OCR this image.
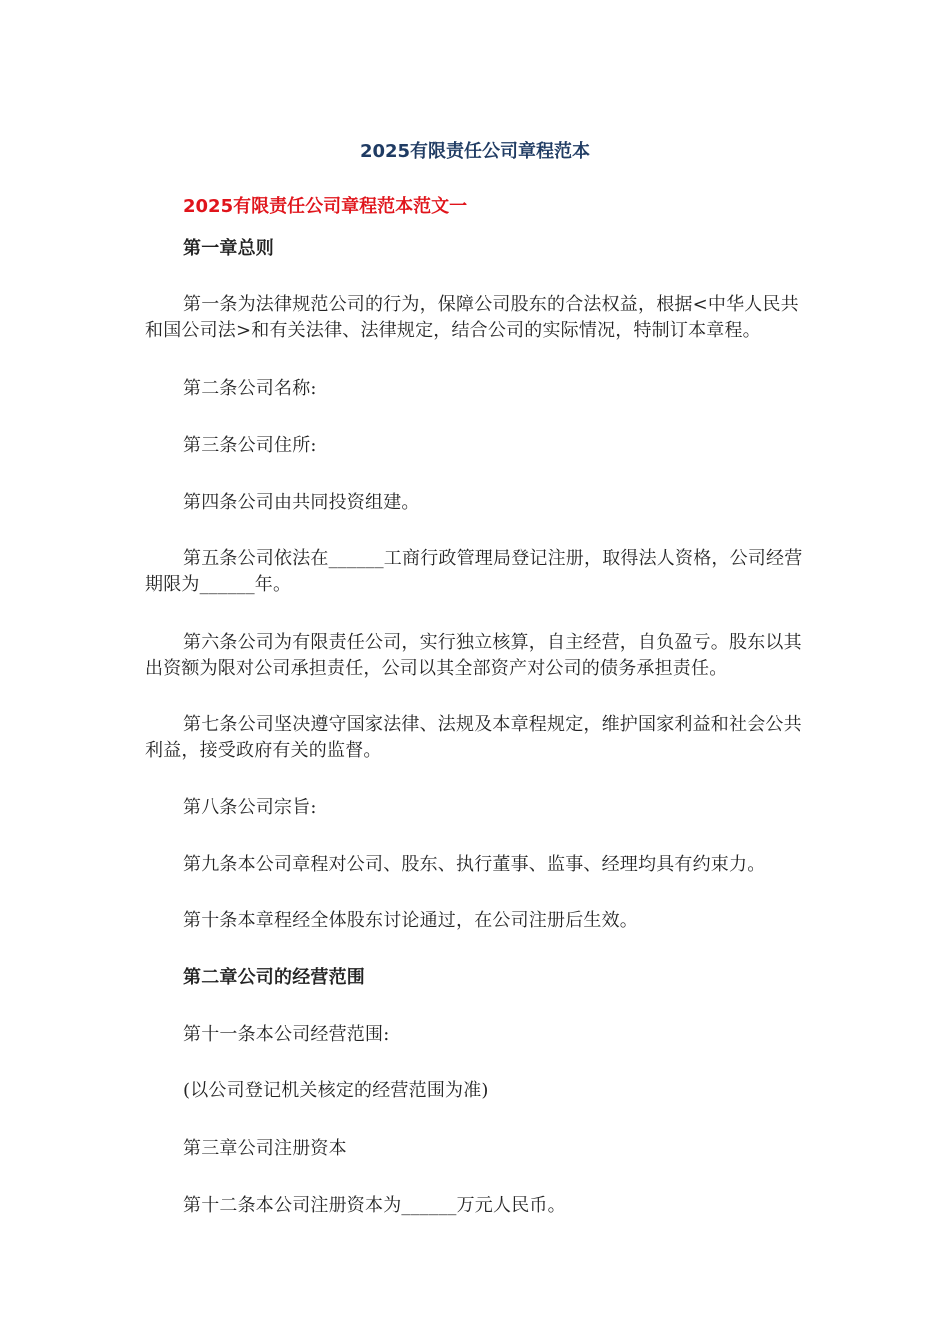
2025有限责任公司章程范本
2025有限责任公司章程范本范文一
第一章总则
第一条为法律规范公司的行为，保障公司股东的合法权益，根据<中华人民共和国公司法>和有关法律、法律规定，结合公司的实际情况，特制订本章程。
第二条公司名称:
第三条公司住所:
第四条公司由共同投资组建。
第五条公司依法在______工商行政管理局登记注册，取得法人资格，公司经营期限为______年。
第六条公司为有限责任公司，实行独立核算，自主经营，自负盈亏。股东以其出资额为限对公司承担责任，公司以其全部资产对公司的债务承担责任。
第七条公司坚决遵守国家法律、法规及本章程规定，维护国家利益和社会公共利益，接受政府有关的监督。
第八条公司宗旨:
第九条本公司章程对公司、股东、执行董事、监事、经理均具有约束力。
第十条本章程经全体股东讨论通过，在公司注册后生效。
第二章公司的经营范围
第十一条本公司经营范围:
(以公司登记机关核定的经营范围为准)
第三章公司注册资本
第十二条本公司注册资本为______万元人民币。
